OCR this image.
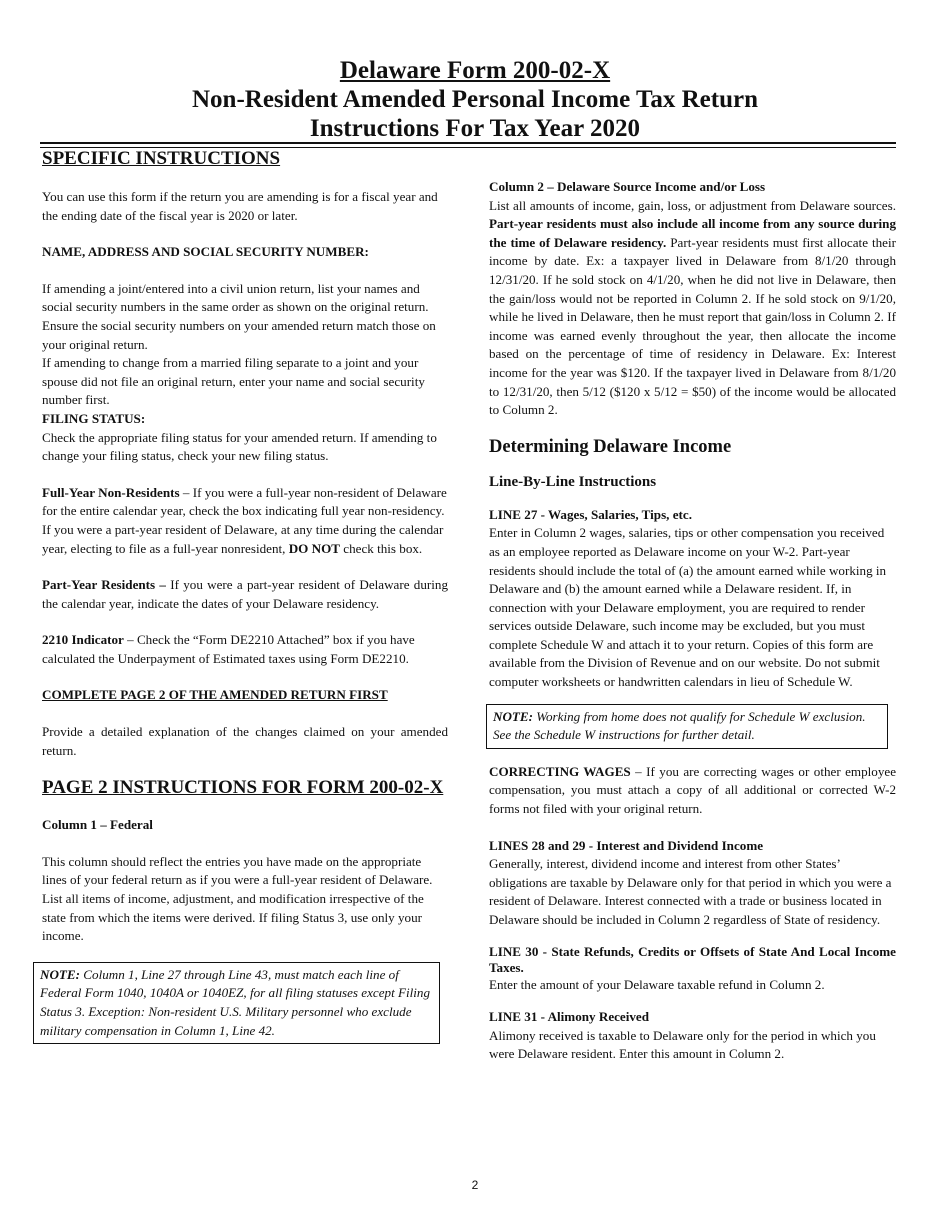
Delaware Form 200-02-X
Non-Resident Amended Personal Income Tax Return
Instructions For Tax Year 2020

SPECIFIC INSTRUCTIONS

You can use this form if the return you are amending is for a fiscal year and the ending date of the fiscal year is 2020 or later.

NAME, ADDRESS AND SOCIAL SECURITY NUMBER:

If amending a joint/entered into a civil union return, list your names and social security numbers in the same order as shown on the original return. Ensure the social security numbers on your amended return match those on your original return.

If amending to change from a married filing separate to a joint and your spouse did not file an original return, enter your name and social security number first.

FILING STATUS:

Check the appropriate filing status for your amended return. If amending to change your filing status, check your new filing status.

Full-Year Non-Residents – If you were a full-year non-resident of Delaware for the entire calendar year, check the box indicating full year non-residency. If you were a part-year resident of Delaware, at any time during the calendar year, electing to file as a full-year nonresident, DO NOT check this box.

Part-Year Residents – If you were a part-year resident of Delaware during the calendar year, indicate the dates of your Delaware residency.

2210 Indicator – Check the “Form DE2210 Attached” box if you have calculated the Underpayment of Estimated taxes using Form DE2210.

COMPLETE PAGE 2 OF THE AMENDED RETURN FIRST

Provide a detailed explanation of the changes claimed on your amended return.

PAGE 2 INSTRUCTIONS FOR FORM 200-02-X

Column 1 – Federal

This column should reflect the entries you have made on the appropriate lines of your federal return as if you were a full-year resident of Delaware. List all items of income, adjustment, and modification irrespective of the state from which the items were derived. If filing Status 3, use only your income.

NOTE: Column 1, Line 27 through Line 43, must match each line of Federal Form 1040, 1040A or 1040EZ, for all filing statuses except Filing Status 3. Exception: Non-resident U.S. Military personnel who exclude military compensation in Column 1, Line 42.

Column 2 – Delaware Source Income and/or Loss

List all amounts of income, gain, loss, or adjustment from Delaware sources. Part-year residents must also include all income from any source during the time of Delaware residency. Part-year residents must first allocate their income by date. Ex: a taxpayer lived in Delaware from 8/1/20 through 12/31/20. If he sold stock on 4/1/20, when he did not live in Delaware, then the gain/loss would not be reported in Column 2. If he sold stock on 9/1/20, while he lived in Delaware, then he must report that gain/loss in Column 2. If income was earned evenly throughout the year, then allocate the income based on the percentage of time of residency in Delaware. Ex: Interest income for the year was $120. If the taxpayer lived in Delaware from 8/1/20 to 12/31/20, then 5/12 ($120 x 5/12 = $50) of the income would be allocated to Column 2.

Determining Delaware Income

Line-By-Line Instructions

LINE 27 - Wages, Salaries, Tips, etc.

Enter in Column 2 wages, salaries, tips or other compensation you received as an employee reported as Delaware income on your W-2. Part-year residents should include the total of (a) the amount earned while working in Delaware and (b) the amount earned while a Delaware resident. If, in connection with your Delaware employment, you are required to render services outside Delaware, such income may be excluded, but you must complete Schedule W and attach it to your return. Copies of this form are available from the Division of Revenue and on our website. Do not submit computer worksheets or handwritten calendars in lieu of Schedule W.

NOTE: Working from home does not qualify for Schedule W exclusion. See the Schedule W instructions for further detail.

CORRECTING WAGES – If you are correcting wages or other employee compensation, you must attach a copy of all additional or corrected W-2 forms not filed with your original return.

LINES 28 and 29 - Interest and Dividend Income

Generally, interest, dividend income and interest from other States’ obligations are taxable by Delaware only for that period in which you were a resident of Delaware. Interest connected with a trade or business located in Delaware should be included in Column 2 regardless of State of residency.

LINE 30 - State Refunds, Credits or Offsets of State And Local Income Taxes.

Enter the amount of your Delaware taxable refund in Column 2.

LINE 31 - Alimony Received

Alimony received is taxable to Delaware only for the period in which you were Delaware resident. Enter this amount in Column 2.

2
